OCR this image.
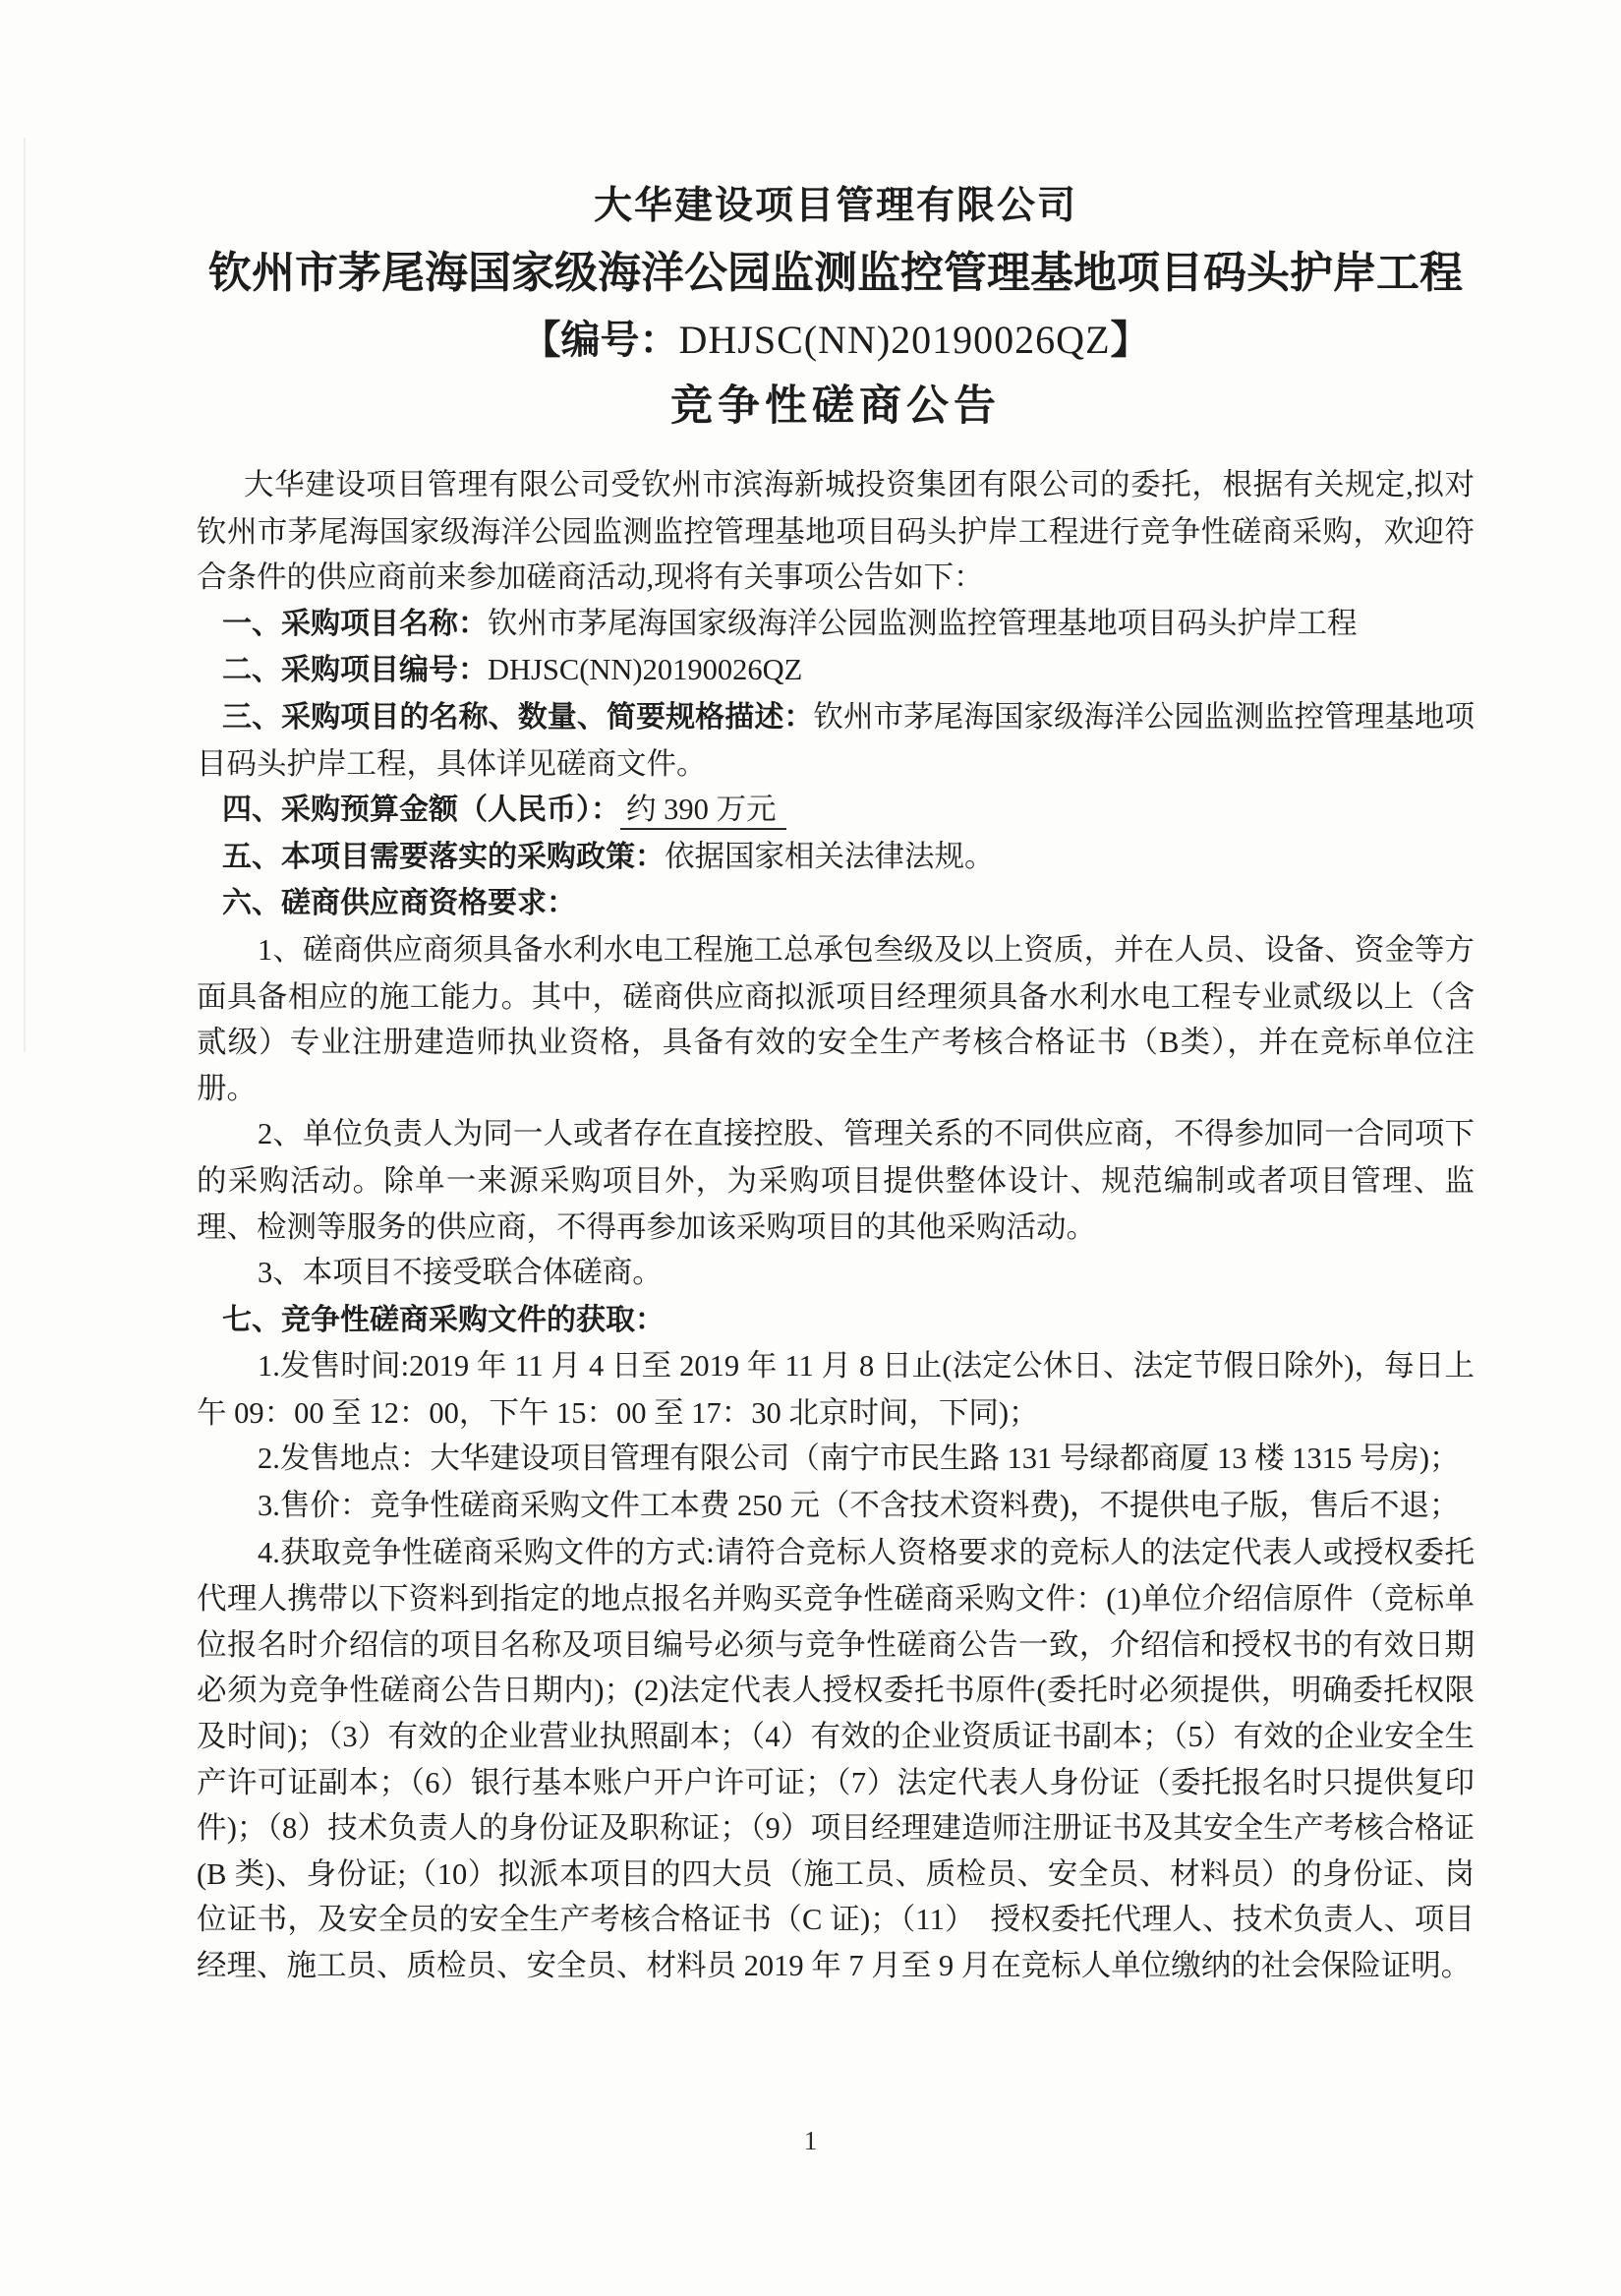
大华建设项目管理有限公司
钦州市茅尾海国家级海洋公园监测监控管理基地项目码头护岸工程
【编号：DHJSC(NN)20190026QZ】
竞争性磋商公告

大华建设项目管理有限公司受钦州市滨海新城投资集团有限公司的委托，根据有关规定,拟对钦州市茅尾海国家级海洋公园监测监控管理基地项目码头护岸工程进行竞争性磋商采购，欢迎符合条件的供应商前来参加磋商活动,现将有关事项公告如下：

一、采购项目名称：钦州市茅尾海国家级海洋公园监测监控管理基地项目码头护岸工程

二、采购项目编号：DHJSC(NN)20190026QZ

三、采购项目的名称、数量、简要规格描述：钦州市茅尾海国家级海洋公园监测监控管理基地项目码头护岸工程，具体详见磋商文件。

四、采购预算金额（人民币）： 约 390 万元

五、本项目需要落实的采购政策：依据国家相关法律法规。

六、磋商供应商资格要求：

1、磋商供应商须具备水利水电工程施工总承包叁级及以上资质，并在人员、设备、资金等方面具备相应的施工能力。其中，磋商供应商拟派项目经理须具备水利水电工程专业贰级以上（含贰级）专业注册建造师执业资格，具备有效的安全生产考核合格证书（B类），并在竞标单位注册。

2、单位负责人为同一人或者存在直接控股、管理关系的不同供应商，不得参加同一合同项下的采购活动。除单一来源采购项目外，为采购项目提供整体设计、规范编制或者项目管理、监理、检测等服务的供应商，不得再参加该采购项目的其他采购活动。

3、本项目不接受联合体磋商。

七、竞争性磋商采购文件的获取：

1.发售时间:2019 年 11 月 4 日至 2019 年 11 月 8 日止(法定公休日、法定节假日除外)，每日上午 09：00 至 12：00，下午 15：00 至 17：30 北京时间，下同)；

2.发售地点：大华建设项目管理有限公司（南宁市民生路 131 号绿都商厦 13 楼 1315 号房)；

3.售价：竞争性磋商采购文件工本费 250 元（不含技术资料费)，不提供电子版，售后不退；

4.获取竞争性磋商采购文件的方式:请符合竞标人资格要求的竞标人的法定代表人或授权委托代理人携带以下资料到指定的地点报名并购买竞争性磋商采购文件：(1)单位介绍信原件（竞标单位报名时介绍信的项目名称及项目编号必须与竞争性磋商公告一致，介绍信和授权书的有效日期必须为竞争性磋商公告日期内)；(2)法定代表人授权委托书原件(委托时必须提供，明确委托权限及时间)；（3）有效的企业营业执照副本；（4）有效的企业资质证书副本；（5）有效的企业安全生产许可证副本；（6）银行基本账户开户许可证；（7）法定代表人身份证（委托报名时只提供复印件)；（8）技术负责人的身份证及职称证；（9）项目经理建造师注册证书及其安全生产考核合格证(B 类)、身份证;（10）拟派本项目的四大员（施工员、质检员、安全员、材料员）的身份证、岗位证书，及安全员的安全生产考核合格证书（C 证)；（11）　授权委托代理人、技术负责人、项目经理、施工员、质检员、安全员、材料员 2019 年 7 月至 9 月在竞标人单位缴纳的社会保险证明。

1
